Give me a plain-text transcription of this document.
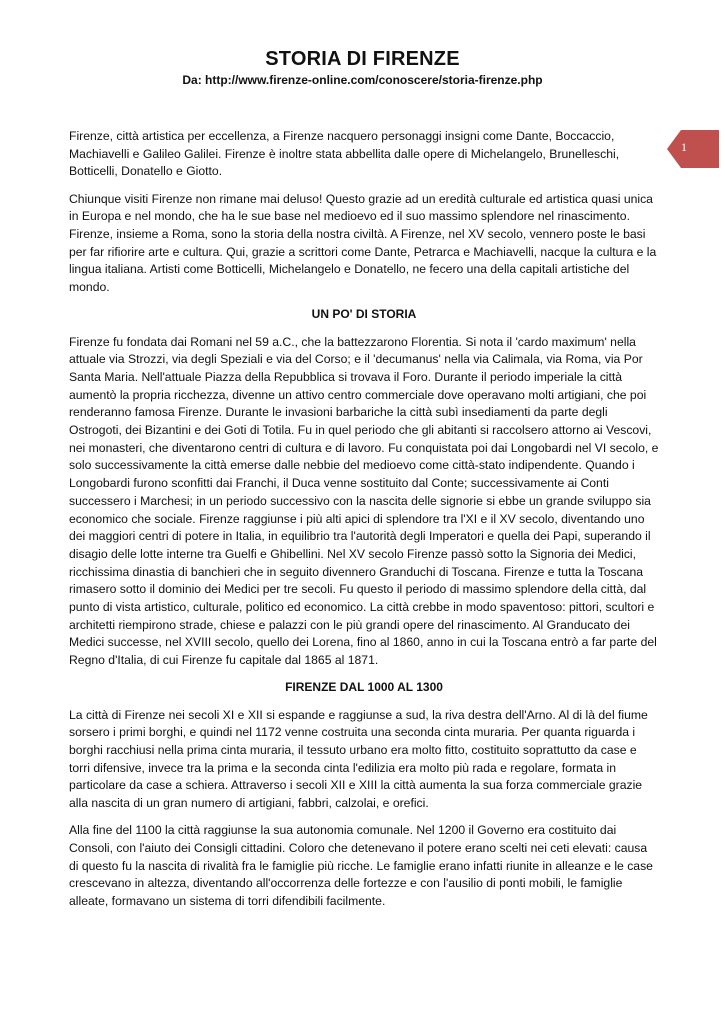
STORIA DI FIRENZE
Da: http://www.firenze-online.com/conoscere/storia-firenze.php
1

Firenze, città artistica per eccellenza, a Firenze nacquero personaggi insigni come Dante, Boccaccio, Machiavelli e Galileo Galilei. Firenze è inoltre stata abbellita dalle opere di Michelangelo, Brunelleschi, Botticelli, Donatello e Giotto.

Chiunque visiti Firenze non rimane mai deluso! Questo grazie ad un eredità culturale ed artistica quasi unica in Europa e nel mondo, che ha le sue base nel medioevo ed il suo massimo splendore nel rinascimento. Firenze, insieme a Roma, sono la storia della nostra civiltà. A Firenze, nel XV secolo, vennero poste le basi per far rifiorire arte e cultura. Qui, grazie a scrittori come Dante, Petrarca e Machiavelli, nacque la cultura e la lingua italiana. Artisti come Botticelli, Michelangelo e Donatello, ne fecero una della capitali artistiche del mondo.

UN PO' DI STORIA

Firenze fu fondata dai Romani nel 59 a.C., che la battezzarono Florentia. Si nota il 'cardo maximum' nella attuale via Strozzi, via degli Speziali e via del Corso; e il 'decumanus' nella via Calimala, via Roma, via Por Santa Maria. Nell'attuale Piazza della Repubblica si trovava il Foro. Durante il periodo imperiale la città aumentò la propria ricchezza, divenne un attivo centro commerciale dove operavano molti artigiani, che poi renderanno famosa Firenze. Durante le invasioni barbariche la città subì insediamenti da parte degli Ostrogoti, dei Bizantini e dei Goti di Totila. Fu in quel periodo che gli abitanti si raccolsero attorno ai Vescovi, nei monasteri, che diventarono centri di cultura e di lavoro. Fu conquistata poi dai Longobardi nel VI secolo, e solo successivamente la città emerse dalle nebbie del medioevo come città-stato indipendente. Quando i Longobardi furono sconfitti dai Franchi, il Duca venne sostituito dal Conte; successivamente ai Conti successero i Marchesi; in un periodo successivo con la nascita delle signorie si ebbe un grande sviluppo sia economico che sociale. Firenze raggiunse i più alti apici di splendore tra l'XI e il XV secolo, diventando uno dei maggiori centri di potere in Italia, in equilibrio tra l'autorità degli Imperatori e quella dei Papi, superando il disagio delle lotte interne tra Guelfi e Ghibellini. Nel XV secolo Firenze passò sotto la Signoria dei Medici, ricchissima dinastia di banchieri che in seguito divennero Granduchi di Toscana. Firenze e tutta la Toscana rimasero sotto il dominio dei Medici per tre secoli. Fu questo il periodo di massimo splendore della città, dal punto di vista artistico, culturale, politico ed economico. La città crebbe in modo spaventoso: pittori, scultori e architetti riempirono strade, chiese e palazzi con le più grandi opere del rinascimento. Al Granducato dei Medici successe, nel XVIII secolo, quello dei Lorena, fino al 1860, anno in cui la Toscana entrò a far parte del Regno d'Italia, di cui Firenze fu capitale dal 1865 al 1871.

FIRENZE DAL 1000 AL 1300

La città di Firenze nei secoli XI e XII si espande e raggiunse a sud, la riva destra dell'Arno. Al di là del fiume sorsero i primi borghi, e quindi nel 1172 venne costruita una seconda cinta muraria. Per quanta riguarda i borghi racchiusi nella prima cinta muraria, il tessuto urbano era molto fitto, costituito soprattutto da case e torri difensive, invece tra la prima e la seconda cinta l'edilizia era molto più rada e regolare, formata in particolare da case a schiera. Attraverso i secoli XII e XIII la città aumenta la sua forza commerciale grazie alla nascita di un gran numero di artigiani, fabbri, calzolai, e orefici.

Alla fine del 1100 la città raggiunse la sua autonomia comunale. Nel 1200 il Governo era costituito dai Consoli, con l'aiuto dei Consigli cittadini. Coloro che detenevano il potere erano scelti nei ceti elevati: causa di questo fu la nascita di rivalità fra le famiglie più ricche. Le famiglie erano infatti riunite in alleanze e le case crescevano in altezza, diventando all'occorrenza delle fortezze e con l'ausilio di ponti mobili, le famiglie alleate, formavano un sistema di torri difendibili facilmente.
